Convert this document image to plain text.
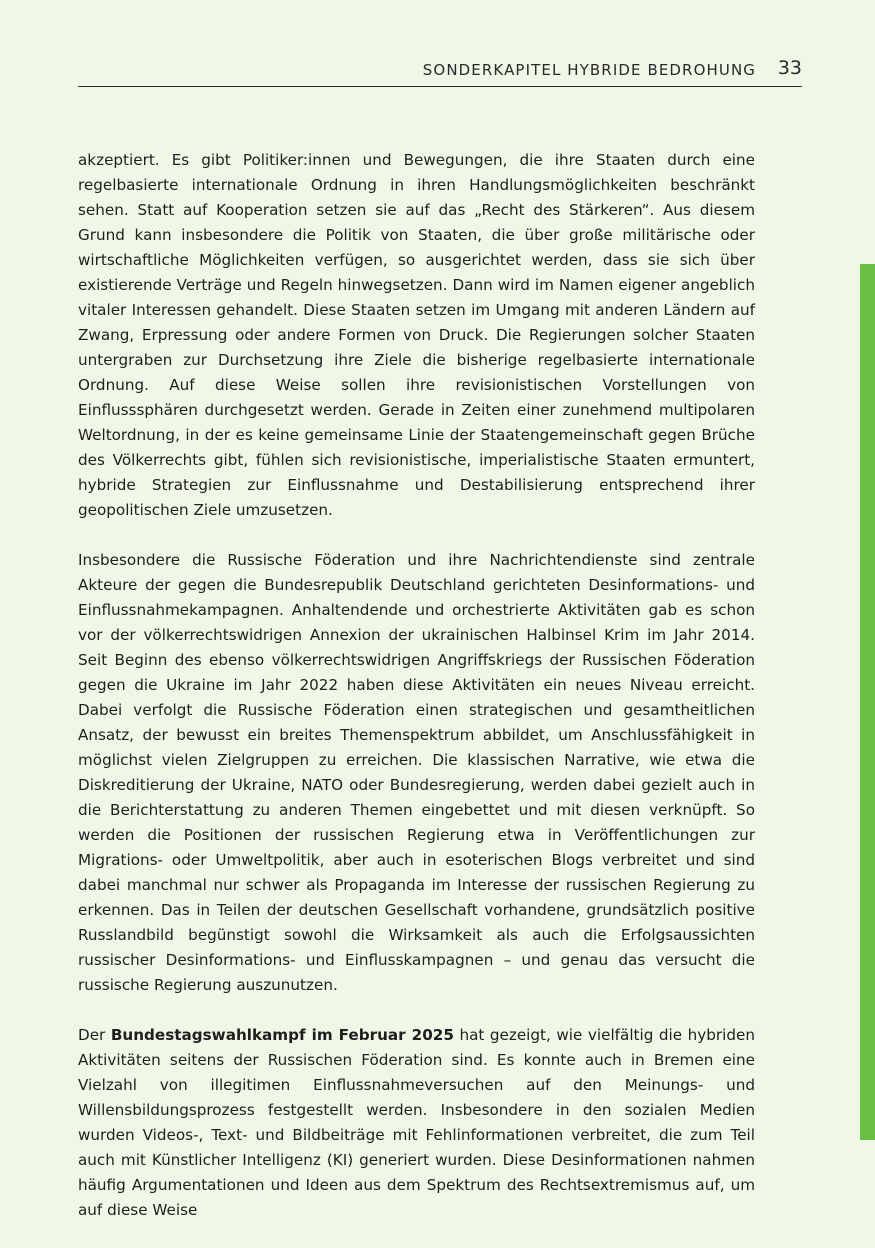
SONDERKAPITEL HYBRIDE BEDROHUNG 33

akzeptiert. Es gibt Politiker:innen und Bewegungen, die ihre Staaten durch eine regelbasierte internationale Ordnung in ihren Handlungsmöglichkeiten beschränkt sehen. Statt auf Kooperation setzen sie auf das „Recht des Stärkeren“. Aus diesem Grund kann insbesondere die Politik von Staaten, die über große militärische oder wirtschaftliche Möglichkeiten verfügen, so ausgerichtet werden, dass sie sich über existierende Verträge und Regeln hinwegsetzen. Dann wird im Namen eigener angeblich vitaler Interessen gehandelt. Diese Staaten setzen im Umgang mit anderen Ländern auf Zwang, Erpressung oder andere Formen von Druck. Die Regierungen solcher Staaten untergraben zur Durchsetzung ihre Ziele die bisherige regelbasierte internationale Ordnung. Auf diese Weise sollen ihre revisionistischen Vorstellungen von Einflusssphären durchgesetzt werden. Gerade in Zeiten einer zunehmend multipolaren Weltordnung, in der es keine gemeinsame Linie der Staatengemeinschaft gegen Brüche des Völkerrechts gibt, fühlen sich revisionistische, imperialistische Staaten ermuntert, hybride Strategien zur Einflussnahme und Destabilisierung entsprechend ihrer geopolitischen Ziele umzusetzen.

Insbesondere die Russische Föderation und ihre Nachrichtendienste sind zentrale Akteure der gegen die Bundesrepublik Deutschland gerichteten Desinformations- und Einflussnahmekampagnen. Anhaltendende und orchestrierte Aktivitäten gab es schon vor der völkerrechtswidrigen Annexion der ukrainischen Halbinsel Krim im Jahr 2014. Seit Beginn des ebenso völkerrechtswidrigen Angriffskriegs der Russischen Föderation gegen die Ukraine im Jahr 2022 haben diese Aktivitäten ein neues Niveau erreicht. Dabei verfolgt die Russische Föderation einen strategischen und gesamtheitlichen Ansatz, der bewusst ein breites Themenspektrum abbildet, um Anschlussfähigkeit in möglichst vielen Zielgruppen zu erreichen. Die klassischen Narrative, wie etwa die Diskreditierung der Ukraine, NATO oder Bundesregierung, werden dabei gezielt auch in die Berichterstattung zu anderen Themen eingebettet und mit diesen verknüpft. So werden die Positionen der russischen Regierung etwa in Veröffentlichungen zur Migrations- oder Umweltpolitik, aber auch in esoterischen Blogs verbreitet und sind dabei manchmal nur schwer als Propaganda im Interesse der russischen Regierung zu erkennen. Das in Teilen der deutschen Gesellschaft vorhandene, grundsätzlich positive Russlandbild begünstigt sowohl die Wirksamkeit als auch die Erfolgsaussichten russischer Desinformations- und Einflusskampagnen – und genau das versucht die russische Regierung auszunutzen.

Der Bundestagswahlkampf im Februar 2025 hat gezeigt, wie vielfältig die hybriden Aktivitäten seitens der Russischen Föderation sind. Es konnte auch in Bremen eine Vielzahl von illegitimen Einflussnahmeversuchen auf den Meinungs- und Willensbildungsprozess festgestellt werden. Insbesondere in den sozialen Medien wurden Videos-, Text- und Bildbeiträge mit Fehlinformationen verbreitet, die zum Teil auch mit Künstlicher Intelligenz (KI) generiert wurden. Diese Desinformationen nahmen häufig Argumentationen und Ideen aus dem Spektrum des Rechtsextremismus auf, um auf diese Weise
